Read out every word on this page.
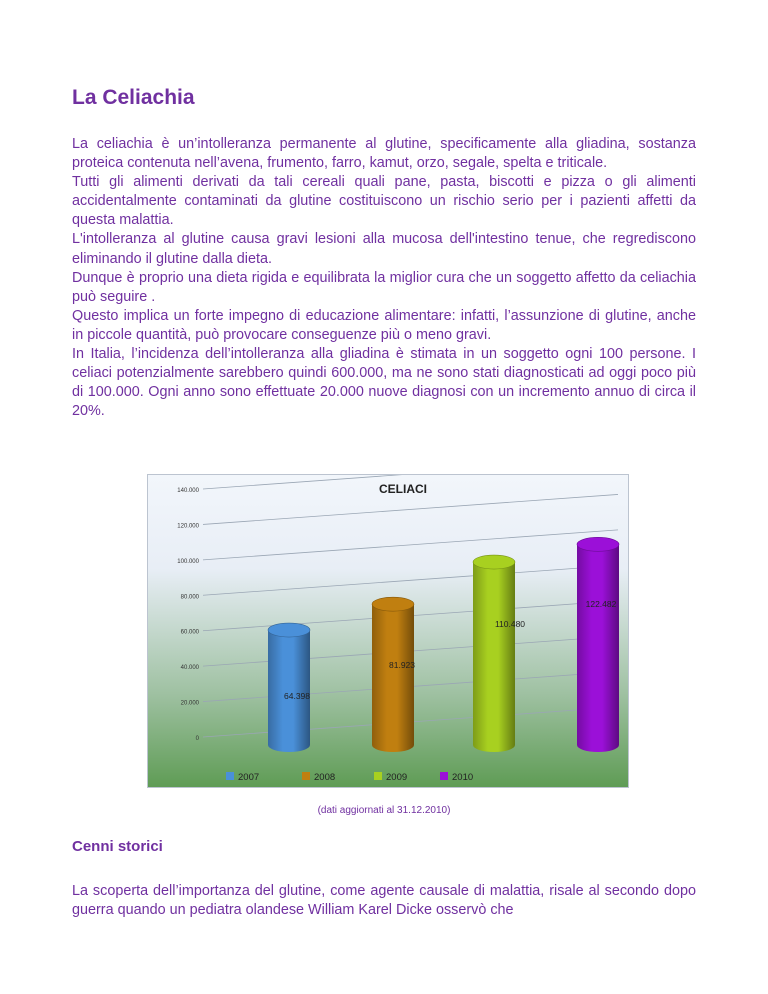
La Celiachia

La celiachia è un’intolleranza permanente al glutine, specificamente alla gliadina, sostanza proteica contenuta nell’avena, frumento, farro, kamut, orzo, segale, spelta e triticale.

Tutti gli alimenti derivati da tali cereali quali pane, pasta, biscotti e pizza o gli alimenti accidentalmente contaminati da glutine costituiscono un rischio serio per i pazienti affetti da questa malattia.

L'intolleranza al glutine causa gravi lesioni alla mucosa dell'intestino tenue, che regrediscono eliminando il glutine dalla dieta.

Dunque è proprio una dieta rigida e equilibrata la miglior cura che un soggetto affetto da celiachia può seguire .

Questo implica un forte impegno di educazione alimentare: infatti, l’assunzione di glutine, anche in piccole quantità, può provocare conseguenze più o meno gravi.

In Italia, l’incidenza dell’intolleranza alla gliadina è stimata in un soggetto ogni 100 persone. I celiaci potenzialmente sarebbero quindi 600.000, ma ne sono stati diagnosticati ad oggi poco più di 100.000. Ogni anno sono effettuate 20.000 nuove diagnosi con un incremento annuo di circa il 20%.

0
20.000
40.000
60.000
80.000
100.000
120.000
140.000	CELIACI
64.398
81.923
110.480
122.482
2007	2008	2009	2010
(dati aggiornati al 31.12.2010)
Cenni storici

La scoperta dell’importanza del glutine, come agente causale di malattia, risale al secondo dopo guerra quando un pediatra olandese William Karel Dicke osservò che
